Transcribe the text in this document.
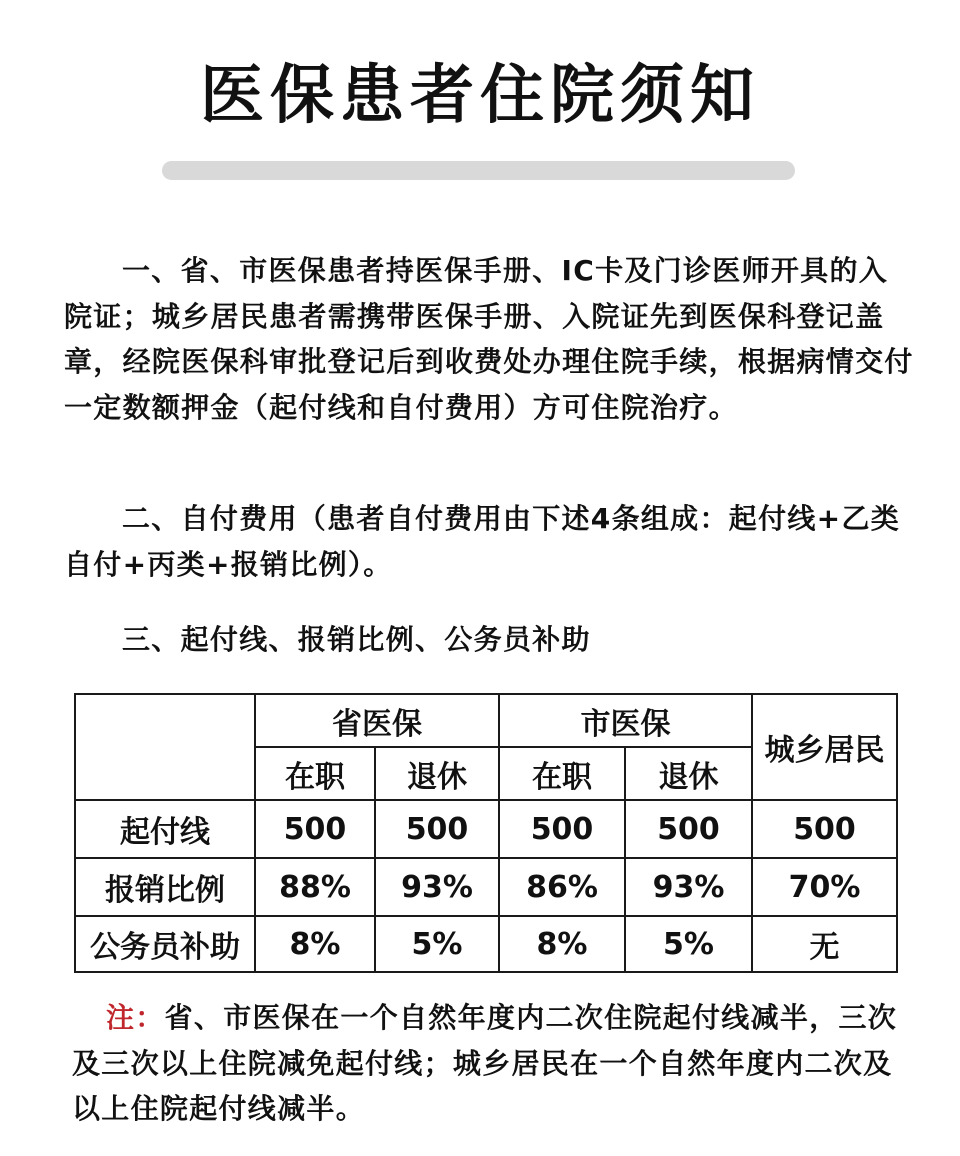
医保患者住院须知
一、省、市医保患者持医保手册、IC卡及门诊医师开具的入院证；城乡居民患者需携带医保手册、入院证先到医保科登记盖章，经院医保科审批登记后到收费处办理住院手续，根据病情交付一定数额押金（起付线和自付费用）方可住院治疗。
二、自付费用（患者自付费用由下述4条组成：起付线+乙类自付+丙类+报销比例）。
三、起付线、报销比例、公务员补助
	省医保		市医保		城乡居民
	在职	退休	在职	退休	
起付线	500	500	500	500	500
报销比例	88%	93%	86%	93%	70%
公务员补助	8%	5%	8%	5%	无
注：省、市医保在一个自然年度内二次住院起付线减半，三次及三次以上住院减免起付线；城乡居民在一个自然年度内二次及以上住院起付线减半。
